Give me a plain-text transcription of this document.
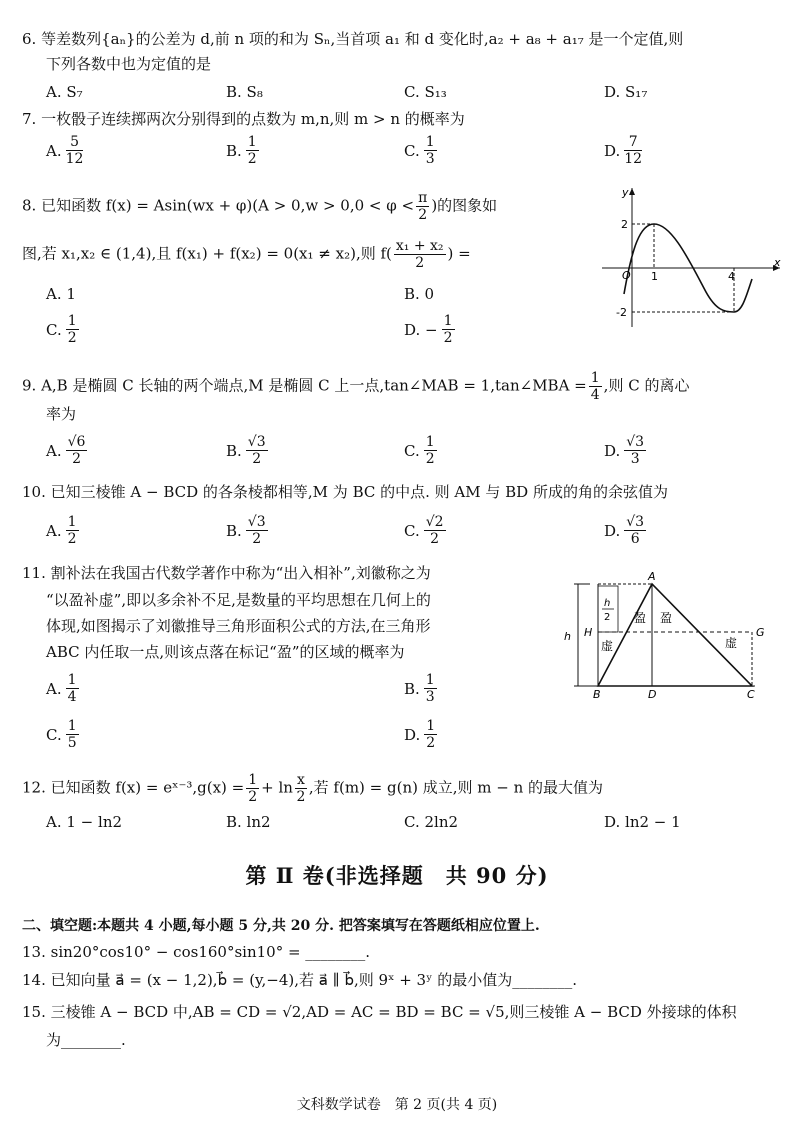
6. 等差数列{aₙ}的公差为 d,前 n 项的和为 Sₙ,当首项 a₁ 和 d 变化时,a₂ + a₈ + a₁₇ 是一个定值,则
下列各数中也为定值的是
A. S₇	B. S₈	C. S₁₃	D. S₁₇
7. 一枚骰子连续掷两次分别得到的点数为 m,n,则 m > n 的概率为
A. $\frac{5}{12}$	B. $\frac{1}{2}$	C. $\frac{1}{3}$	D. $\frac{7}{12}$
8. 已知函数 $f(x) = Asin(wx + \varphi)(A > 0,w > 0,0 < \varphi < \frac{\pi}{2}$ )的图象如
图,若 x₁,x₂ ∈ (1,4),且 f(x₁) + f(x₂) = 0(x₁ ≠ x₂),则 $f( \frac{\text{x₁ + x₂}}{2}$ ) =
A. 1	B. 0
C. $\frac{1}{2}$	D. − $\frac{1}{2}$
y
x
O 1	4
2
-2
9. A,B 是椭圆 C 长轴的两个端点,M 是椭圆 C 上一点,tan∠MAB = 1,tan∠MBA = $\frac{1}{4}$ ,则 C 的离心
率为
A. $\frac{√6}{2}$	B. $\frac{√3}{2}$	C. $\frac{1}{2}$	D. $\frac{√3}{3}$
10. 已知三棱锥 A − BCD 的各条棱都相等,M 为 BC 的中点. 则 AM 与 BD 所成的角的余弦值为
A. $\frac{1}{2}$	B. $\frac{√3}{2}$	C. $\frac{√2}{2}$	D. $\frac{√3}{6}$
11. 割补法在我国古代数学著作中称为“出入相补”,刘徽称之为
“以盈补虚”,即以多余补不足,是数量的平均思想在几何上的
体现,如图揭示了刘徽推导三角形面积公式的方法,在三角形
ABC 内任取一点,则该点落在标记“盈”的区域的概率为
A. $\frac{1}{4}$	B. $\frac{1}{3}$
C. $\frac{1}{5}$	D. $\frac{1}{2}$
A
B	C
D
G
H
h
h
2 盈 盈
虚	虚
12. 已知函数 f(x) = eˣ⁻³,g(x) = $\frac{1}{2} + \ln \frac{x}{2}$ ,若 f(m) = g(n) 成立,则 m − n 的最大值为
A. 1 − ln2	B. ln2	C. 2ln2	D. ln2 − 1
第 Ⅱ 卷(非选择题　共 90 分)
二、填空题:本题共 4 小题,每小题 5 分,共 20 分. 把答案填写在答题纸相应位置上.
13. sin20°cos10° − cos160°sin10° = ________.
14. 已知向量 a⃗ = (x − 1,2),b⃗ = (y,−4),若 a⃗ ∥ b⃗,则 9ˣ + 3ʸ 的最小值为________.
15. 三棱锥 A − BCD 中,AB = CD = √2,AD = AC = BD = BC = √5,则三棱锥 A − BCD 外接球的体积
为________.
文科数学试卷　第 2 页(共 4 页)
